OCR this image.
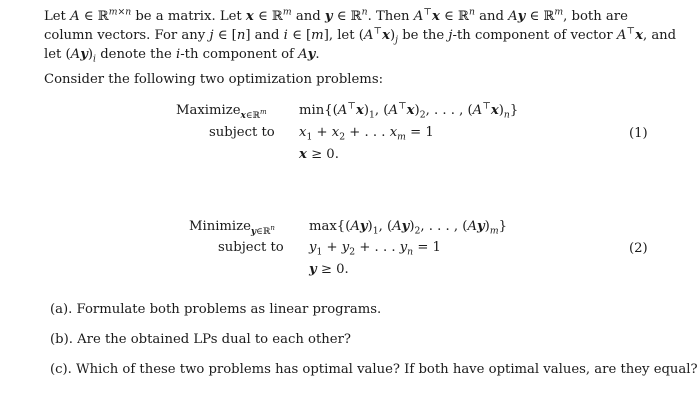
Let A ∈ ℝ$^{m\times n}$ be a matrix. Let x ∈ ℝ$^m$ and y ∈ ℝ$^n$. Then A⊤x ∈ ℝ$^n$ and Ay ∈ ℝ$^m$, both are
column vectors. For any j ∈ [n] and i ∈ [m], let $(A^⊤x)_j$ be the j-th component of vector A⊤x, and
let $(Ay)_i$ denote the i-th component of Ay.
Consider the following two optimization problems:
Maximize$_{x\in ℝ^m}$ $\min\{(A^⊤x)_1$, $(A^⊤x)_2$, . . . , $(A^⊤x)_n$}
subject to $x_1 + x_2$ + . . . $x_m = 1$
x ≥ 0.
(1)
Minimize$_{y\in ℝ^n}$	$\max\{(Ay)_1$, $(Ay)_2$, . . . , $(Ay)_m$}
subject to $y_1 + y_2$ + . . . $y_n = 1$
y ≥ 0.
(2)
(a). Formulate both problems as linear programs.
(b). Are the obtained LPs dual to each other?
(c). Which of these two problems has optimal value? If both have optimal values, are they equal?
